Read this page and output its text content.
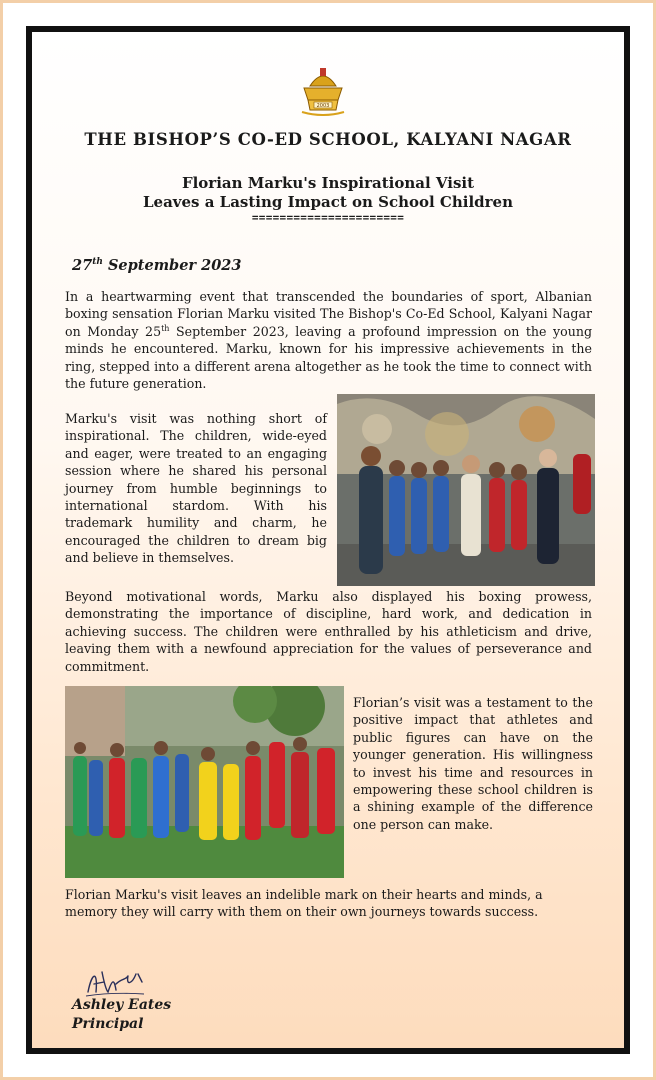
2003
THE BISHOP’S CO-ED SCHOOL, KALYANI NAGAR
Florian Marku's Inspirational Visit
Leaves a Lasting Impact on School Children
======================
27th September 2023
In a heartwarming event that transcended the boundaries of sport, Albanian boxing sensation Florian Marku visited The Bishop's Co-Ed School, Kalyani Nagar on Monday 25th September 2023, leaving a profound impression on the young minds he encountered. Marku, known for his impressive achievements in the ring, stepped into a different arena altogether as he took the time to connect with the future generation.
Marku's visit was nothing short of inspirational. The children, wide-eyed and eager, were treated to an engaging session where he shared his personal journey from humble beginnings to international stardom. With his trademark humility and charm, he encouraged the children to dream big and believe in themselves.
Beyond motivational words, Marku also displayed his boxing prowess, demonstrating the importance of discipline, hard work, and dedication in achieving success. The children were enthralled by his athleticism and drive, leaving them with a newfound appreciation for the values of perseverance and commitment.
Florian’s visit was a testament to the positive impact that athletes and public figures can have on the younger generation. His willingness to invest his time and resources in empowering these school children is a shining example of the difference one person can make.
Florian Marku's visit leaves an indelible mark on their hearts and minds, a memory they will carry with them on their own journeys towards success.
Ashley Eates
Principal
